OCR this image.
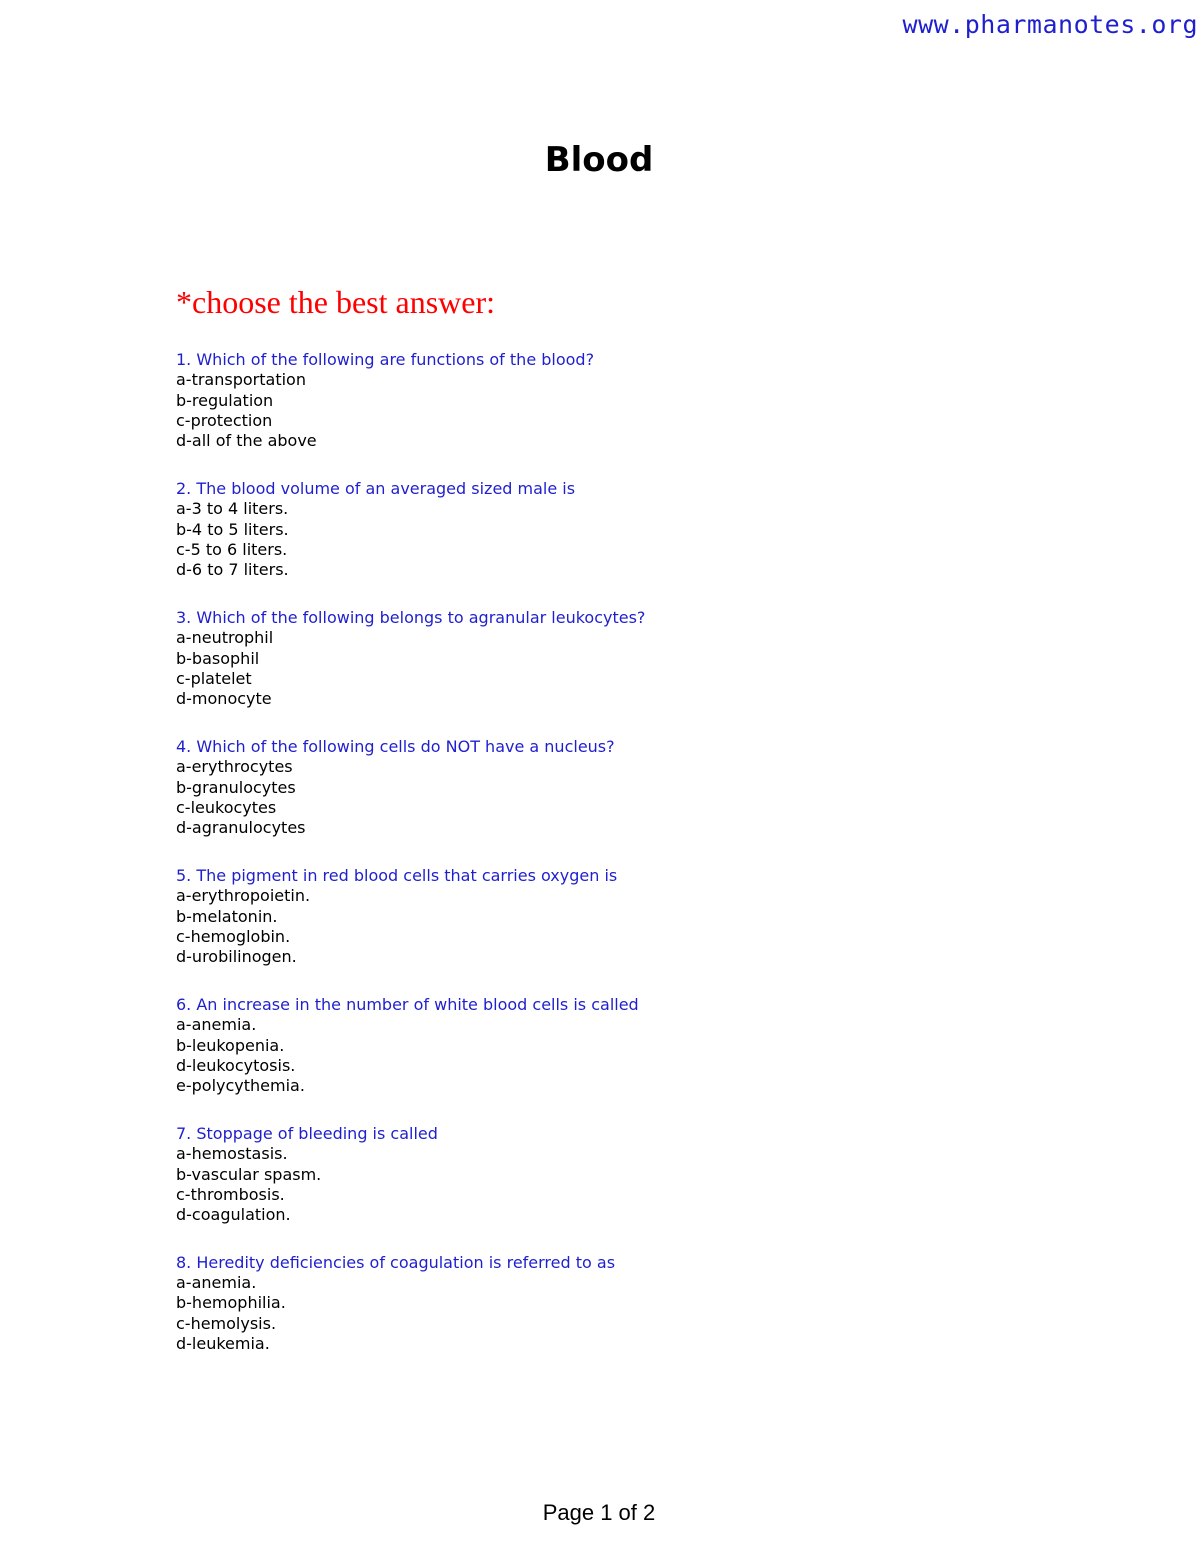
www.pharmanotes.org
Blood
*choose the best answer:
1. Which of the following are functions of the blood?
a-transportation
b-regulation
c-protection
d-all of the above
2. The blood volume of an averaged sized male is
a-3 to 4 liters.
b-4 to 5 liters.
c-5 to 6 liters.
d-6 to 7 liters.
3. Which of the following belongs to agranular leukocytes?
a-neutrophil
b-basophil
c-platelet
d-monocyte
4. Which of the following cells do NOT have a nucleus?
a-erythrocytes
b-granulocytes
c-leukocytes
d-agranulocytes
5. The pigment in red blood cells that carries oxygen is
a-erythropoietin.
b-melatonin.
c-hemoglobin.
d-urobilinogen.
6. An increase in the number of white blood cells is called
a-anemia.
b-leukopenia.
d-leukocytosis.
e-polycythemia.
7. Stoppage of bleeding is called
a-hemostasis.
b-vascular spasm.
c-thrombosis.
d-coagulation.
8. Heredity deficiencies of coagulation is referred to as
a-anemia.
b-hemophilia.
c-hemolysis.
d-leukemia.
Page 1 of 2
